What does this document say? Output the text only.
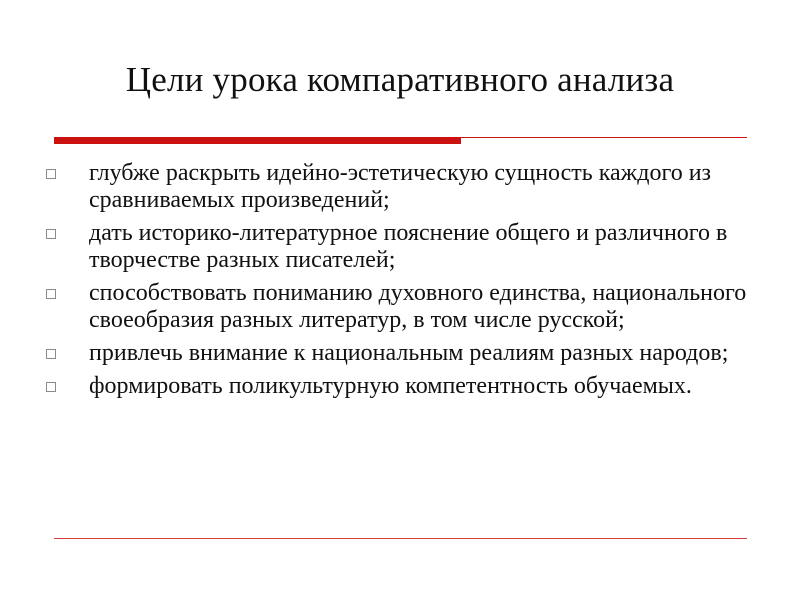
Цели урока компаративного анализа
глубже раскрыть идейно-эстетическую сущность каждого из сравниваемых произведений;
дать историко-литературное пояснение общего и различного в творчестве разных писателей;
способствовать пониманию духовного единства, национального своеобразия разных литератур, в том числе русской;
привлечь внимание к национальным реалиям разных народов;
формировать поликультурную компетентность обучаемых.
